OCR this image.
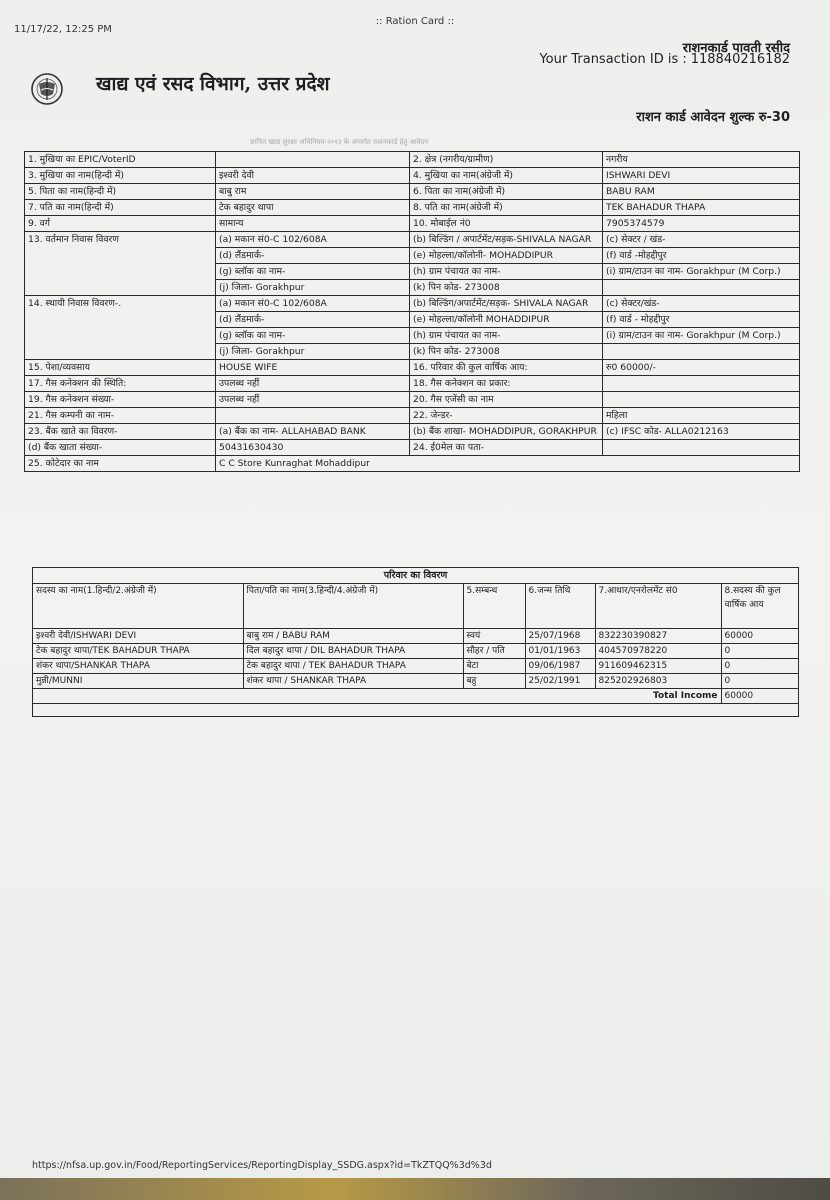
11/17/22, 12:25 PM
:: Ration Card ::
राशनकार्ड पावती रसीद
Your Transaction ID is : 118840216182
खाद्य एवं रसद विभाग, उत्तर प्रदेश
राशन कार्ड आवेदन शुल्क रु-30
ज्ञापित खाद्य सुरक्षा अधिनियम-२०१३ के अन्तर्गत राशनकार्ड हेतु आवेदन
1. मुखिया का EPIC/VoterID		2. क्षेत्र (नगरीय/ग्रामीण)	नगरीय
3. मुखिया का नाम(हिन्दी में)	इश्वरी देवी	4. मुखिया का नाम(अंग्रेजी में)	ISHWARI DEVI
5. पिता का नाम(हिन्दी में)	बाबु राम	6. पिता का नाम(अंग्रेजी में)	BABU RAM
7. पति का नाम(हिन्दी में)	टेक बहादुर थापा	8. पति का नाम(अंग्रेजी में)	TEK BAHADUR THAPA
9. वर्ग	सामान्य	10. मोबाईल नं0	7905374579
13. वर्तमान निवास विवरण	(a) मकान सं0-C 102/608A	(b) बिल्डिंग / अपार्टमेंट/सड़क-SHIVALA NAGAR	(c) सेक्टर / खंड-
	(d) लैंडमार्क-	(e) मोहल्ला/कॉलोनी- MOHADDIPUR	(f) वार्ड -मोहद्दीपुर
	(g) ब्लॉक का नाम-	(h) ग्राम पंचायत का नाम-	(i) ग्राम/टाउन का नाम- Gorakhpur (M Corp.)
	(j) जिला- Gorakhpur	(k) पिन कोड- 273008	
14. स्थायी निवास विवरण-.	(a) मकान सं0-C 102/608A	(b) बिल्डिंग/अपार्टमेंट/सड़क- SHIVALA NAGAR	(c) सेक्टर/खंड-
	(d) लैंडमार्क-	(e) मोहल्ला/कॉलोनी MOHADDIPUR	(f) वार्ड - मोहद्दीपुर
	(g) ब्लॉक का नाम-	(h) ग्राम पंचायत का नाम-	(i) ग्राम/टाउन का नाम- Gorakhpur (M Corp.)
	(j) जिला- Gorakhpur	(k) पिन कोड- 273008	
15. पेशा/व्यवसाय	HOUSE WIFE	16. परिवार की कुल वार्षिक आय:	रु0 60000/-
17. गैस कनेक्शन की स्थिति:	उपलब्ध नहीं	18. गैस कनेक्शन का प्रकार:	
19. गैस कनेक्शन संख्या-	उपलब्ध नहीं	20. गैस एजेंसी का नाम	
21. गैस कम्पनी का नाम-		22. जेन्डर-	महिला
23. बैंक खाते का विवरण-	(a) बैंक का नाम- ALLAHABAD BANK	(b) बैंक शाखा- MOHADDIPUR, GORAKHPUR	(c) IFSC कोड- ALLA0212163
(d) बैंक खाता संख्या-	50431630430	24. ई0मेल का पता-	
25. कोटेदार का नाम	C C Store Kunraghat Mohaddipur		
परिवार का विवरण
सदस्य का नाम(1.हिन्दी/2.अंग्रेजी में)	पिता/पति का नाम(3.हिन्दी/4.अंग्रेजी में)	5.सम्बन्ध	6.जन्म तिथि	7.आधार/एनरोलमेंट सं0	8.सदस्य की कुल वार्षिक आय
इश्वरी देवी/ISHWARI DEVI	बाबु राम / BABU RAM	स्वयं	25/07/1968	832230390827	60000
टेक बहादुर थापा/TEK BAHADUR THAPA	दिल बहादुर थापा / DIL BAHADUR THAPA	सौहर / पति	01/01/1963	404570978220	0
शंकर थापा/SHANKAR THAPA	टेक बहादुर थापा / TEK BAHADUR THAPA	बेटा	09/06/1987	911609462315	0
मुन्नी/MUNNI	शंकर थापा / SHANKAR THAPA	बहु	25/02/1991	825202926803	0
Total Income					60000
https://nfsa.up.gov.in/Food/ReportingServices/ReportingDisplay_SSDG.aspx?id=TkZTQQ%3d%3d
